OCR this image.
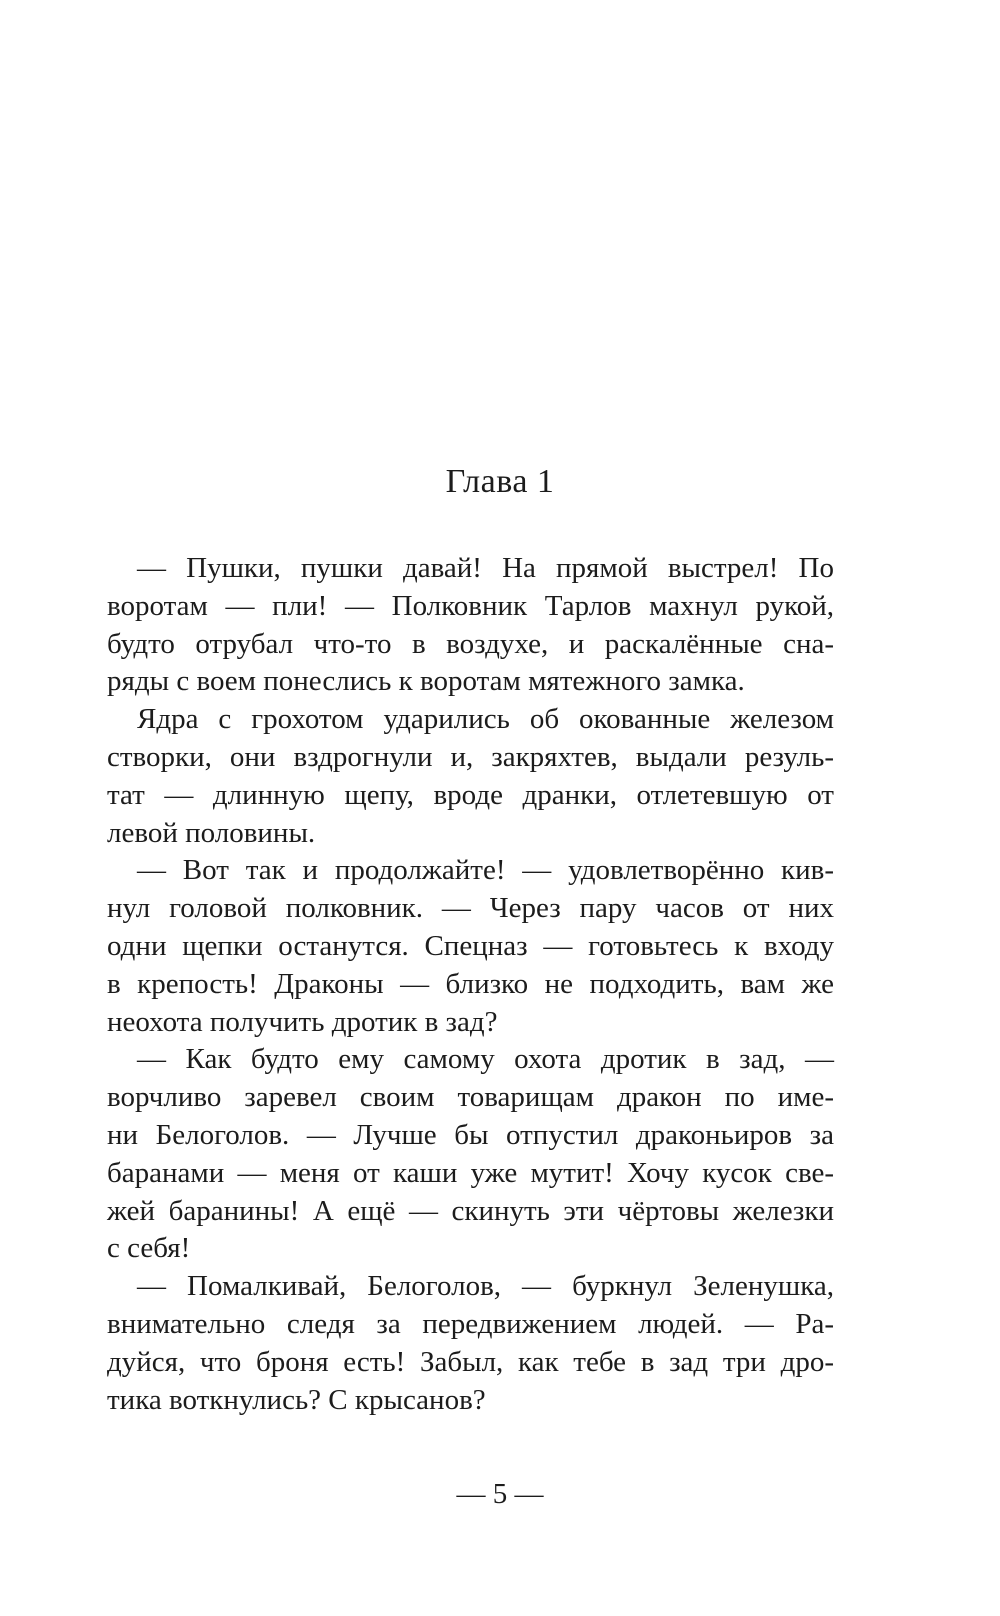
Глава 1
— Пушки, пушки давай! На прямой выстрел! По
воротам — пли! — Полковник Тарлов махнул рукой,
будто отрубал что-то в воздухе, и раскалённые сна-
ряды с воем понеслись к воротам мятежного замка.
Ядра с грохотом ударились об окованные железом
створки, они вздрогнули и, закряхтев, выдали резуль-
тат — длинную щепу, вроде дранки, отлетевшую от
левой половины.
— Вот так и продолжайте! — удовлетворённо кив-
нул головой полковник. — Через пару часов от них
одни щепки останутся. Спецназ — готовьтесь к входу
в крепость! Драконы — близко не подходить, вам же
неохота получить дротик в зад?
— Как будто ему самому охота дротик в зад, —
ворчливо заревел своим товарищам дракон по име-
ни Белоголов. — Лучше бы отпустил драконьиров за
баранами — меня от каши уже мутит! Хочу кусок све-
жей баранины! А ещё — скинуть эти чёртовы железки
с себя!
— Помалкивай, Белоголов, — буркнул Зеленушка,
внимательно следя за передвижением людей. — Ра-
дуйся, что броня есть! Забыл, как тебе в зад три дро-
тика воткнулись? С крысанов?
— 5 —
